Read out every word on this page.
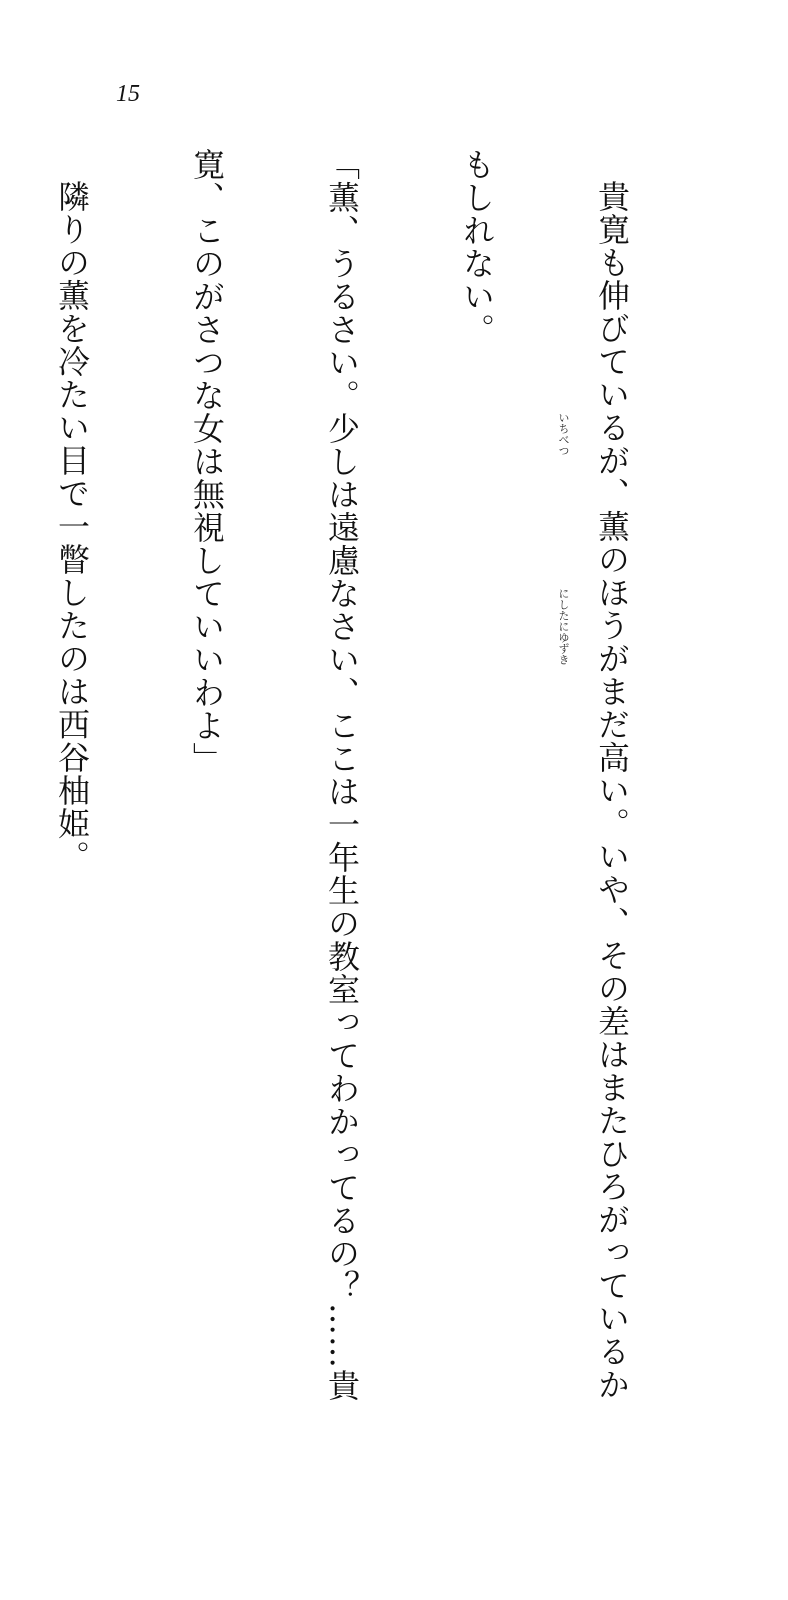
15

貴寛も伸びているが、薫のほうがまだ高い。いや、その差はまたひろがっているか

もしれない。

「薫、うるさい。少しは遠慮なさい、ここは一年生の教室ってわかってるの？……貴

寛、このがさつな女は無視していいわよ」

隣りの薫を冷たい目で一瞥したのは西谷柚姫。

	いちべつ
にしたにゆずき
